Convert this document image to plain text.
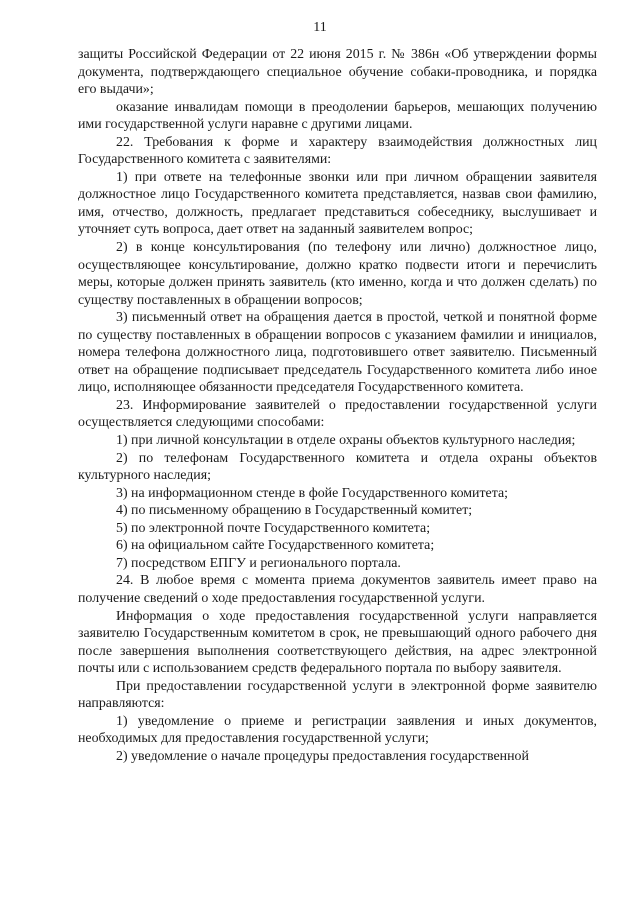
11

защиты Российской Федерации от 22 июня 2015 г. № 386н «Об утверждении формы документа, подтверждающего специальное обучение собаки-проводника, и порядка его выдачи»;

оказание инвалидам помощи в преодолении барьеров, мешающих получению ими государственной услуги наравне с другими лицами.

22. Требования к форме и характеру взаимодействия должностных лиц Государственного комитета с заявителями:

1) при ответе на телефонные звонки или при личном обращении заявителя должностное лицо Государственного комитета представляется, назвав свои фамилию, имя, отчество, должность, предлагает представиться собеседнику, выслушивает и уточняет суть вопроса, дает ответ на заданный заявителем вопрос;

2) в конце консультирования (по телефону или лично) должностное лицо, осуществляющее консультирование, должно кратко подвести итоги и перечислить меры, которые должен принять заявитель (кто именно, когда и что должен сделать) по существу поставленных в обращении вопросов;

3) письменный ответ на обращения дается в простой, четкой и понятной форме по существу поставленных в обращении вопросов с указанием фамилии и инициалов, номера телефона должностного лица, подготовившего ответ заявителю. Письменный ответ на обращение подписывает председатель Государственного комитета либо иное лицо, исполняющее обязанности председателя Государственного комитета.

23. Информирование заявителей о предоставлении государственной услуги осуществляется следующими способами:

1) при личной консультации в отделе охраны объектов культурного наследия;

2) по телефонам Государственного комитета и отдела охраны объектов культурного наследия;

3) на информационном стенде в фойе Государственного комитета;

4) по письменному обращению в Государственный комитет;

5) по электронной почте Государственного комитета;

6) на официальном сайте Государственного комитета;

7) посредством ЕПГУ и регионального портала.

24. В любое время с момента приема документов заявитель имеет право на получение сведений о ходе предоставления государственной услуги.

Информация о ходе предоставления государственной услуги направляется заявителю Государственным комитетом в срок, не превышающий одного рабочего дня после завершения выполнения соответствующего действия, на адрес электронной почты или с использованием средств федерального портала по выбору заявителя.

При предоставлении государственной услуги в электронной форме заявителю направляются:

1) уведомление о приеме и регистрации заявления и иных документов, необходимых для предоставления государственной услуги;

2) уведомление о начале процедуры предоставления государственной
